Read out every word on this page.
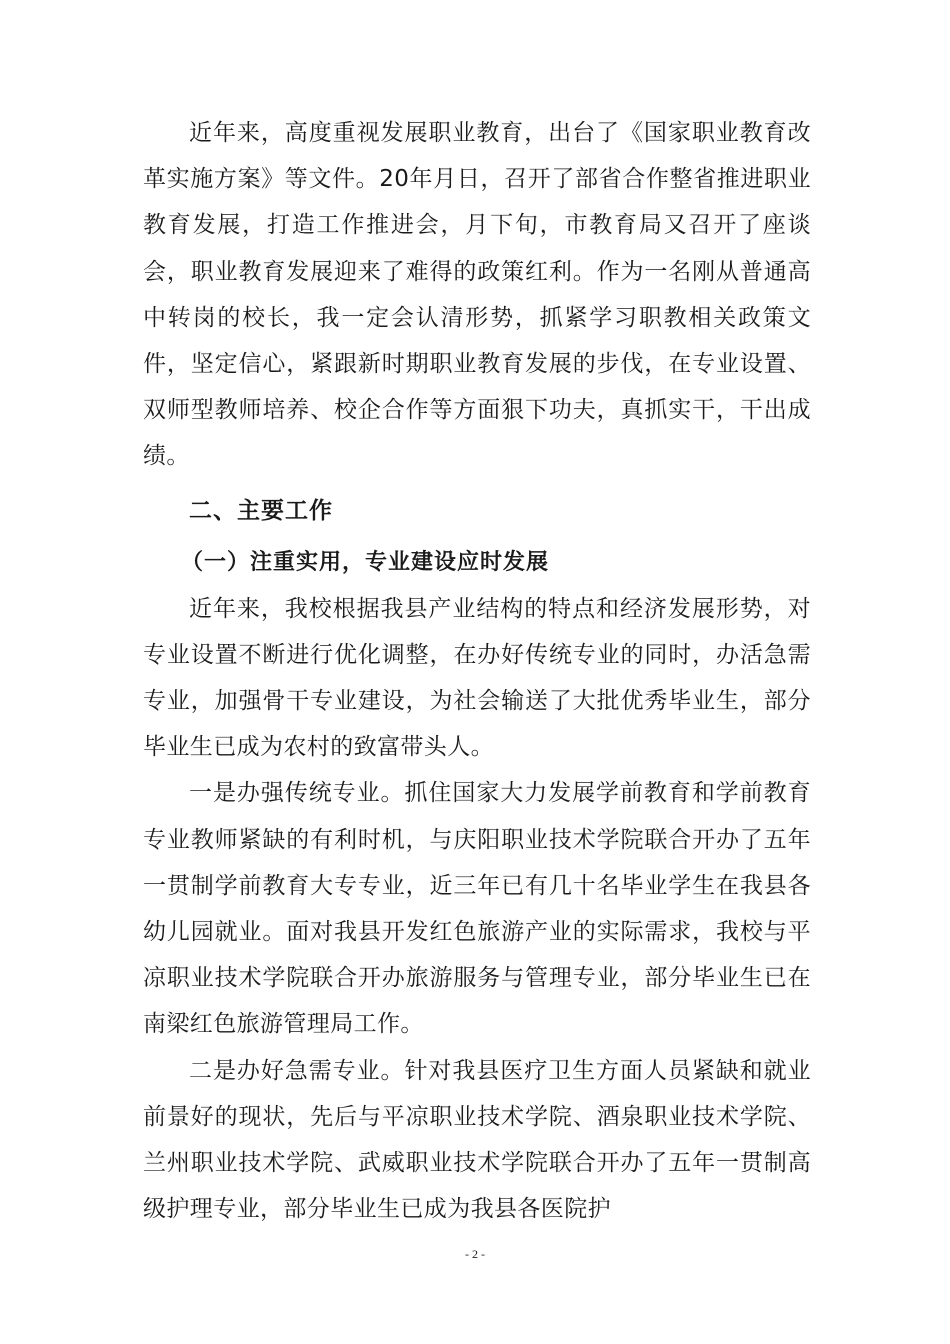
近年来，高度重视发展职业教育，出台了《国家职业教育改革实施方案》等文件。20年月日，召开了部省合作整省推进职业教育发展，打造工作推进会，月下旬，市教育局又召开了座谈会，职业教育发展迎来了难得的政策红利。作为一名刚从普通高中转岗的校长，我一定会认清形势，抓紧学习职教相关政策文件，坚定信心，紧跟新时期职业教育发展的步伐，在专业设置、双师型教师培养、校企合作等方面狠下功夫，真抓实干，干出成绩。

二、主要工作

（一）注重实用，专业建设应时发展

近年来，我校根据我县产业结构的特点和经济发展形势，对专业设置不断进行优化调整，在办好传统专业的同时，办活急需专业，加强骨干专业建设，为社会输送了大批优秀毕业生，部分毕业生已成为农村的致富带头人。

一是办强传统专业。抓住国家大力发展学前教育和学前教育专业教师紧缺的有利时机，与庆阳职业技术学院联合开办了五年一贯制学前教育大专专业，近三年已有几十名毕业学生在我县各幼儿园就业。面对我县开发红色旅游产业的实际需求，我校与平凉职业技术学院联合开办旅游服务与管理专业，部分毕业生已在南梁红色旅游管理局工作。

二是办好急需专业。针对我县医疗卫生方面人员紧缺和就业前景好的现状，先后与平凉职业技术学院、酒泉职业技术学院、兰州职业技术学院、武威职业技术学院联合开办了五年一贯制高级护理专业，部分毕业生已成为我县各医院护

- 2 -
